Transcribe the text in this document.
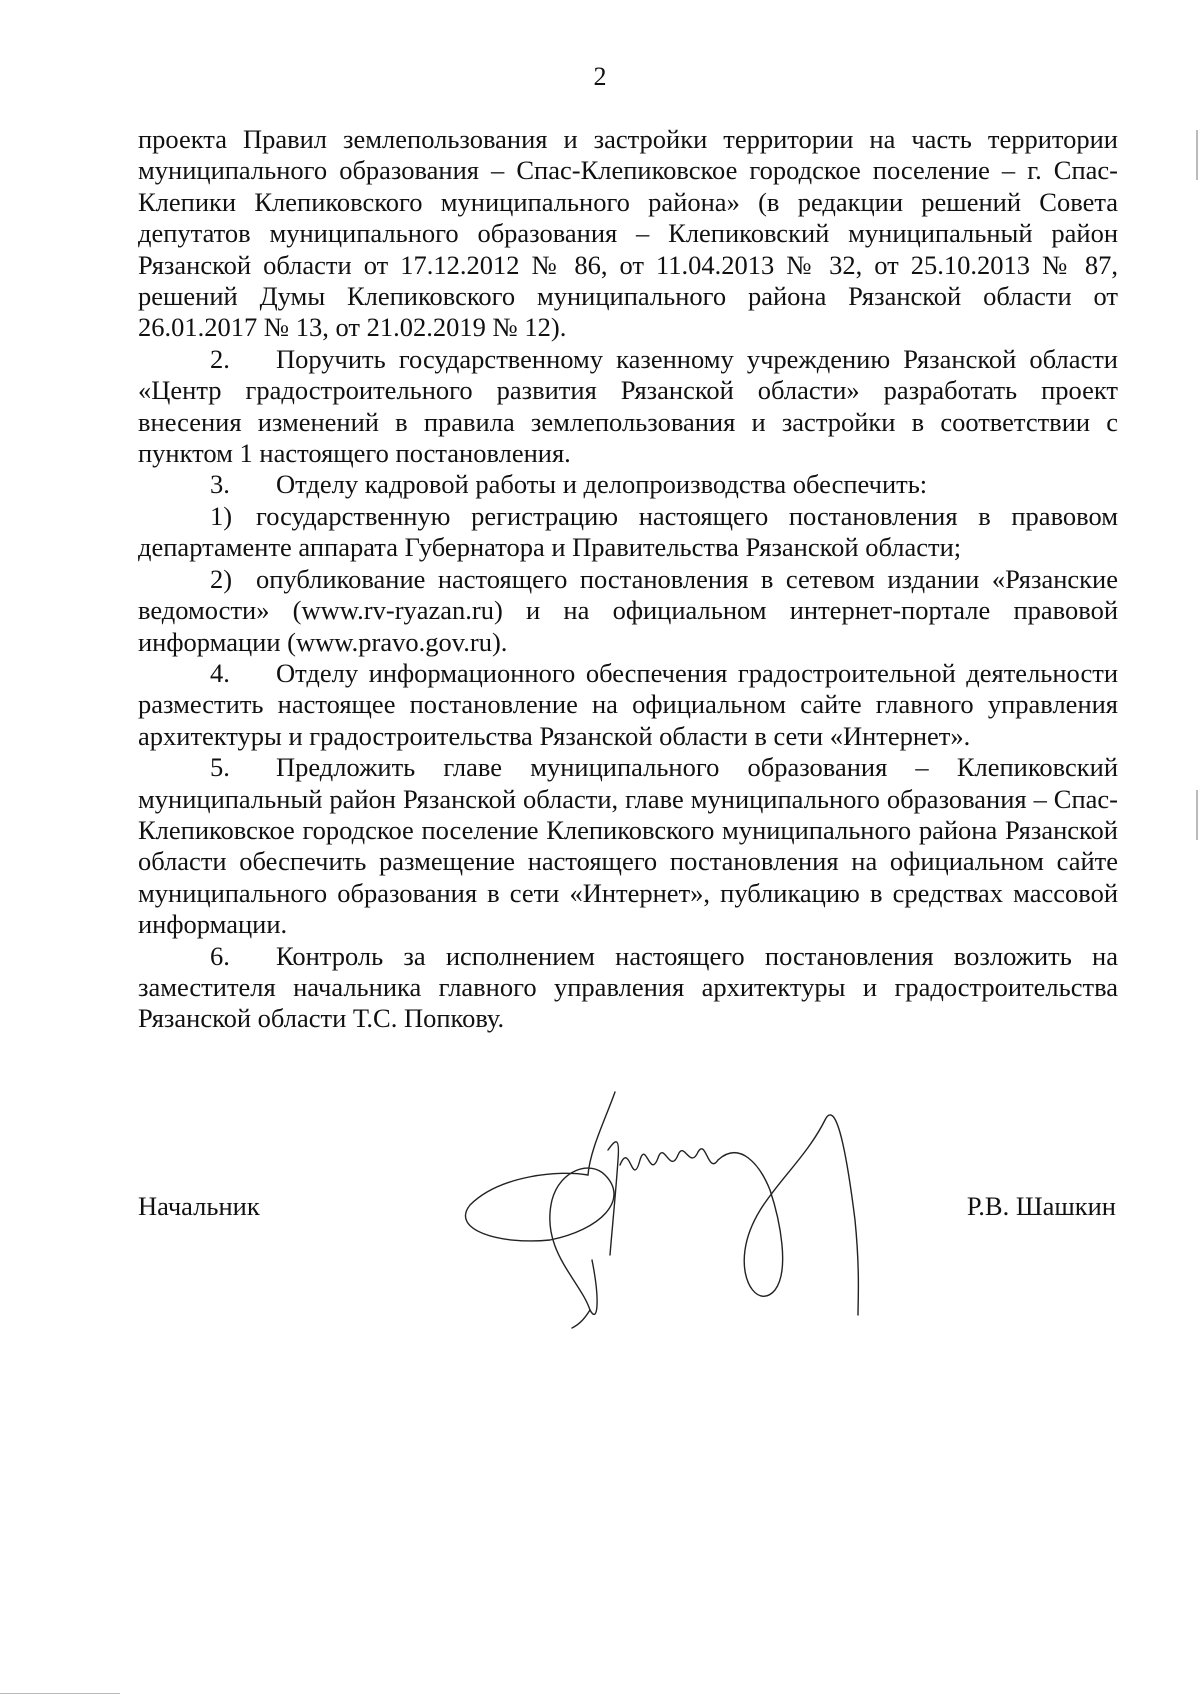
2

проекта Правил землепользования и застройки территории на часть территории муниципального образования – Спас-Клепиковское городское поселение – г. Спас-Клепики Клепиковского муниципального района» (в редакции решений Совета депутатов муниципального образования – Клепиковский муниципальный район Рязанской области от 17.12.2012 № 86, от 11.04.2013 № 32, от 25.10.2013 № 87, решений Думы Клепиковского муниципального района Рязанской области от 26.01.2017 № 13, от 21.02.2019 № 12).

2. Поручить государственному казенному учреждению Рязанской области «Центр градостроительного развития Рязанской области» разработать проект внесения изменений в правила землепользования и застройки в соответствии с пунктом 1 настоящего постановления.

3. Отделу кадровой работы и делопроизводства обеспечить:

1) государственную регистрацию настоящего постановления в правовом департаменте аппарата Губернатора и Правительства Рязанской области;

2) опубликование настоящего постановления в сетевом издании «Рязанские ведомости» (www.rv-ryazan.ru) и на официальном интернет-портале правовой информации (www.pravo.gov.ru).

4. Отделу информационного обеспечения градостроительной деятельности разместить настоящее постановление на официальном сайте главного управления архитектуры и градостроительства Рязанской области в сети «Интернет».

5. Предложить главе муниципального образования – Клепиковский муниципальный район Рязанской области, главе муниципального образования – Спас-Клепиковское городское поселение Клепиковского муниципального района Рязанской области обеспечить размещение настоящего постановления на официальном сайте муниципального образования в сети «Интернет», публикацию в средствах массовой информации.

6. Контроль за исполнением настоящего постановления возложить на заместителя начальника главного управления архитектуры и градостроительства Рязанской области Т.С. Попкову.

Начальник	Р.В. Шашкин
